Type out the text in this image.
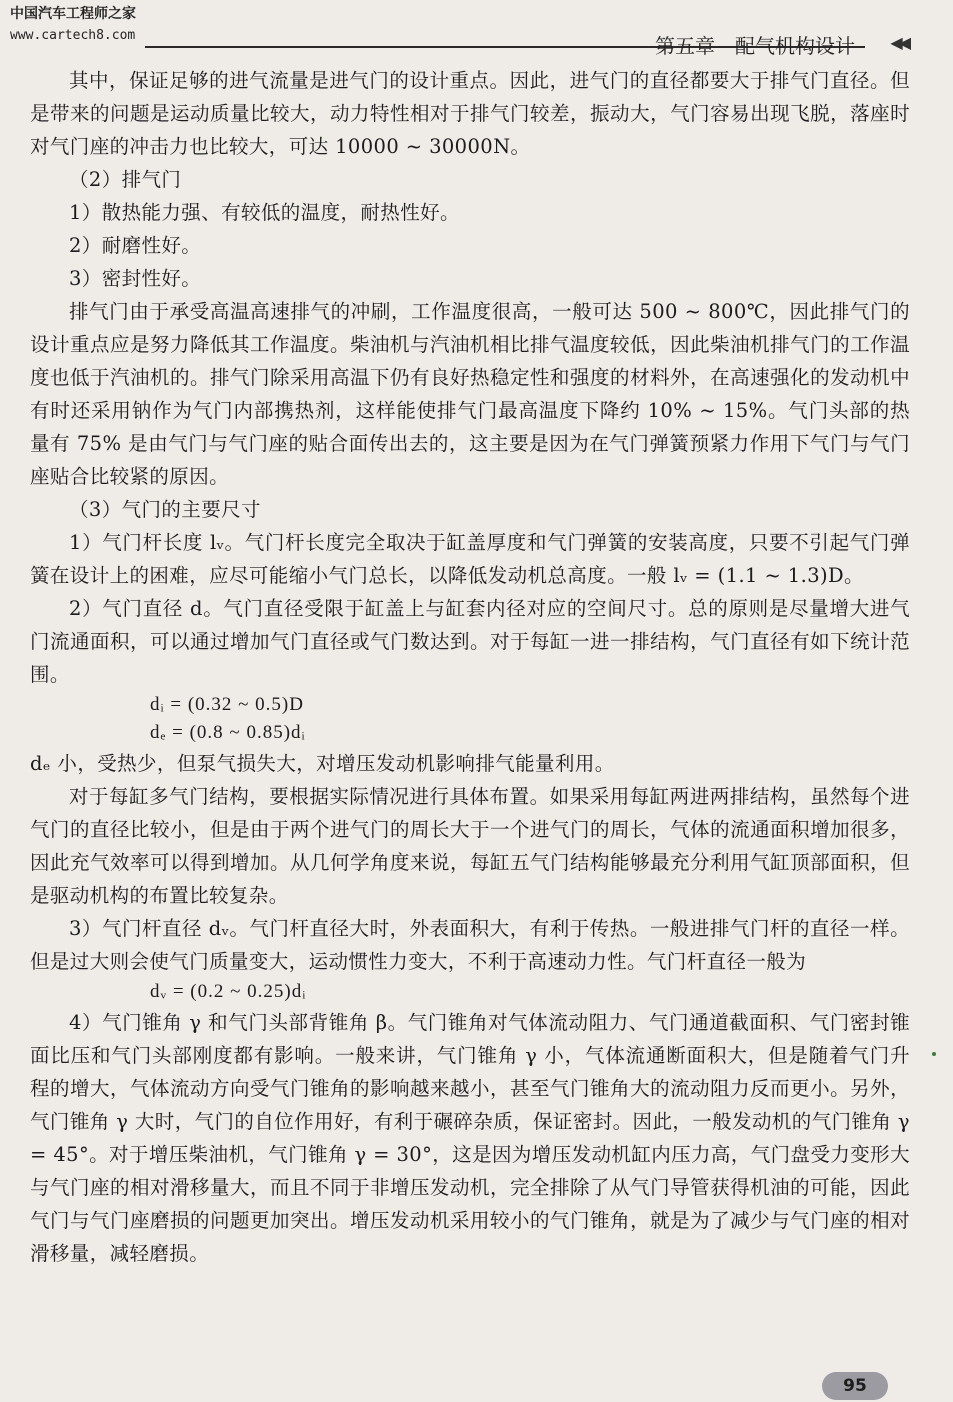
中国汽车工程师之家
www.cartech8.com	第五章　配气机构设计 ◀◀

其中，保证足够的进气流量是进气门的设计重点。因此，进气门的直径都要大于排气门直径。但是带来的问题是运动质量比较大，动力特性相对于排气门较差，振动大，气门容易出现飞脱，落座时对气门座的冲击力也比较大，可达 10000 ~ 30000N。

（2）排气门

1）散热能力强、有较低的温度，耐热性好。

2）耐磨性好。

3）密封性好。

排气门由于承受高温高速排气的冲刷，工作温度很高，一般可达 500 ~ 800℃，因此排气门的设计重点应是努力降低其工作温度。柴油机与汽油机相比排气温度较低，因此柴油机排气门的工作温度也低于汽油机的。排气门除采用高温下仍有良好热稳定性和强度的材料外，在高速强化的发动机中有时还采用钠作为气门内部携热剂，这样能使排气门最高温度下降约 10% ~ 15%。气门头部的热量有 75% 是由气门与气门座的贴合面传出去的，这主要是因为在气门弹簧预紧力作用下气门与气门座贴合比较紧的原因。

（3）气门的主要尺寸

1）气门杆长度 lᵥ。气门杆长度完全取决于缸盖厚度和气门弹簧的安装高度，只要不引起气门弹簧在设计上的困难，应尽可能缩小气门总长，以降低发动机总高度。一般 lᵥ = (1.1 ~ 1.3)D。

2）气门直径 d。气门直径受限于缸盖上与缸套内径对应的空间尺寸。总的原则是尽量增大进气门流通面积，可以通过增加气门直径或气门数达到。对于每缸一进一排结构，气门直径有如下统计范围。

dᵢ = (0.32 ~ 0.5)D

dₑ = (0.8 ~ 0.85)dᵢ

dₑ 小，受热少，但泵气损失大，对增压发动机影响排气能量利用。

对于每缸多气门结构，要根据实际情况进行具体布置。如果采用每缸两进两排结构，虽然每个进气门的直径比较小，但是由于两个进气门的周长大于一个进气门的周长，气体的流通面积增加很多，因此充气效率可以得到增加。从几何学角度来说，每缸五气门结构能够最充分利用气缸顶部面积，但是驱动机构的布置比较复杂。

3）气门杆直径 dᵥ。气门杆直径大时，外表面积大，有利于传热。一般进排气门杆的直径一样。但是过大则会使气门质量变大，运动惯性力变大，不利于高速动力性。气门杆直径一般为

dᵥ = (0.2 ~ 0.25)dᵢ

4）气门锥角 γ 和气门头部背锥角 β。气门锥角对气体流动阻力、气门通道截面积、气门密封锥面比压和气门头部刚度都有影响。一般来讲，气门锥角 γ 小，气体流通断面积大，但是随着气门升程的增大，气体流动方向受气门锥角的影响越来越小，甚至气门锥角大的流动阻力反而更小。另外，气门锥角 γ 大时，气门的自位作用好，有利于碾碎杂质，保证密封。因此，一般发动机的气门锥角 γ = 45°。对于增压柴油机，气门锥角 γ = 30°，这是因为增压发动机缸内压力高，气门盘受力变形大与气门座的相对滑移量大，而且不同于非增压发动机，完全排除了从气门导管获得机油的可能，因此气门与气门座磨损的问题更加突出。增压发动机采用较小的气门锥角，就是为了减少与气门座的相对滑移量，减轻磨损。

95
